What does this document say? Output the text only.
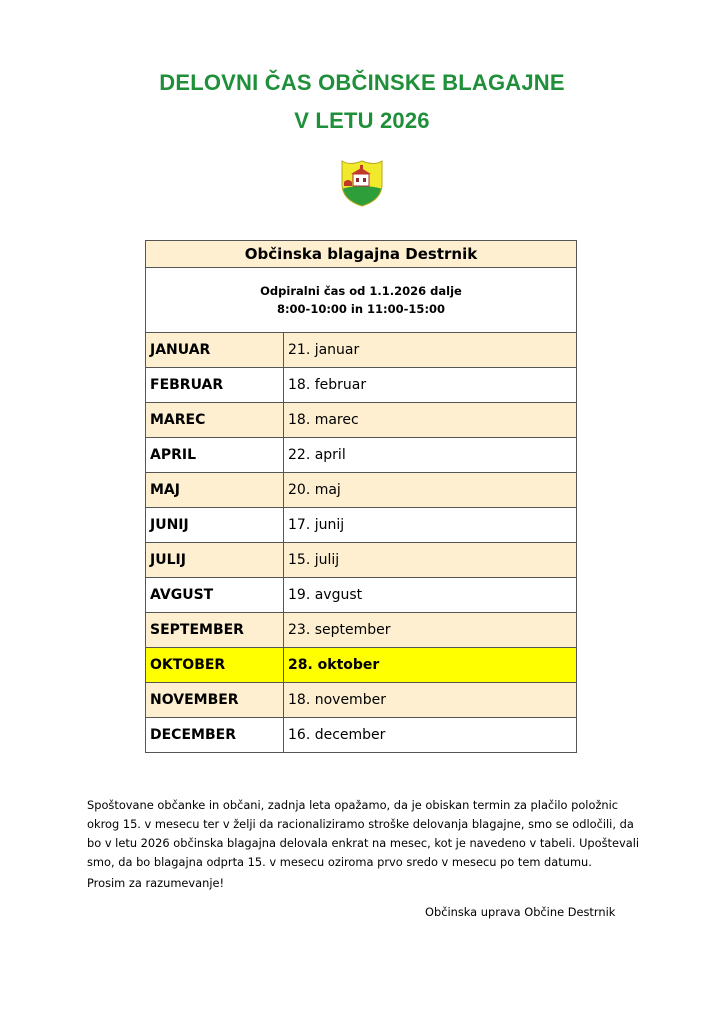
DELOVNI ČAS OBČINSKE BLAGAJNE
V LETU 2026
Občinska blagajna Destrnik	

Odpiralni čas od 1.1.2026 dalje
8:00-10:00 in 11:00-15:00	

JANUAR	21. januar
FEBRUAR	18. februar
MAREC	18. marec
APRIL	22. april
MAJ	20. maj
JUNIJ	17. junij
JULIJ	15. julij
AVGUST	19. avgust
SEPTEMBER	23. september
OKTOBER	28. oktober
NOVEMBER	18. november
DECEMBER	16. december
Spoštovane občanke in občani, zadnja leta opažamo, da je obiskan termin za plačilo položnic okrog 15. v mesecu ter v želji da racionaliziramo stroške delovanja blagajne, smo se odločili, da bo v letu 2026 občinska blagajna delovala enkrat na mesec, kot je navedeno v tabeli. Upoštevali smo, da bo blagajna odprta 15. v mesecu oziroma prvo sredo v mesecu po tem datumu.
Prosim za razumevanje!
Občinska uprava Občine Destrnik
